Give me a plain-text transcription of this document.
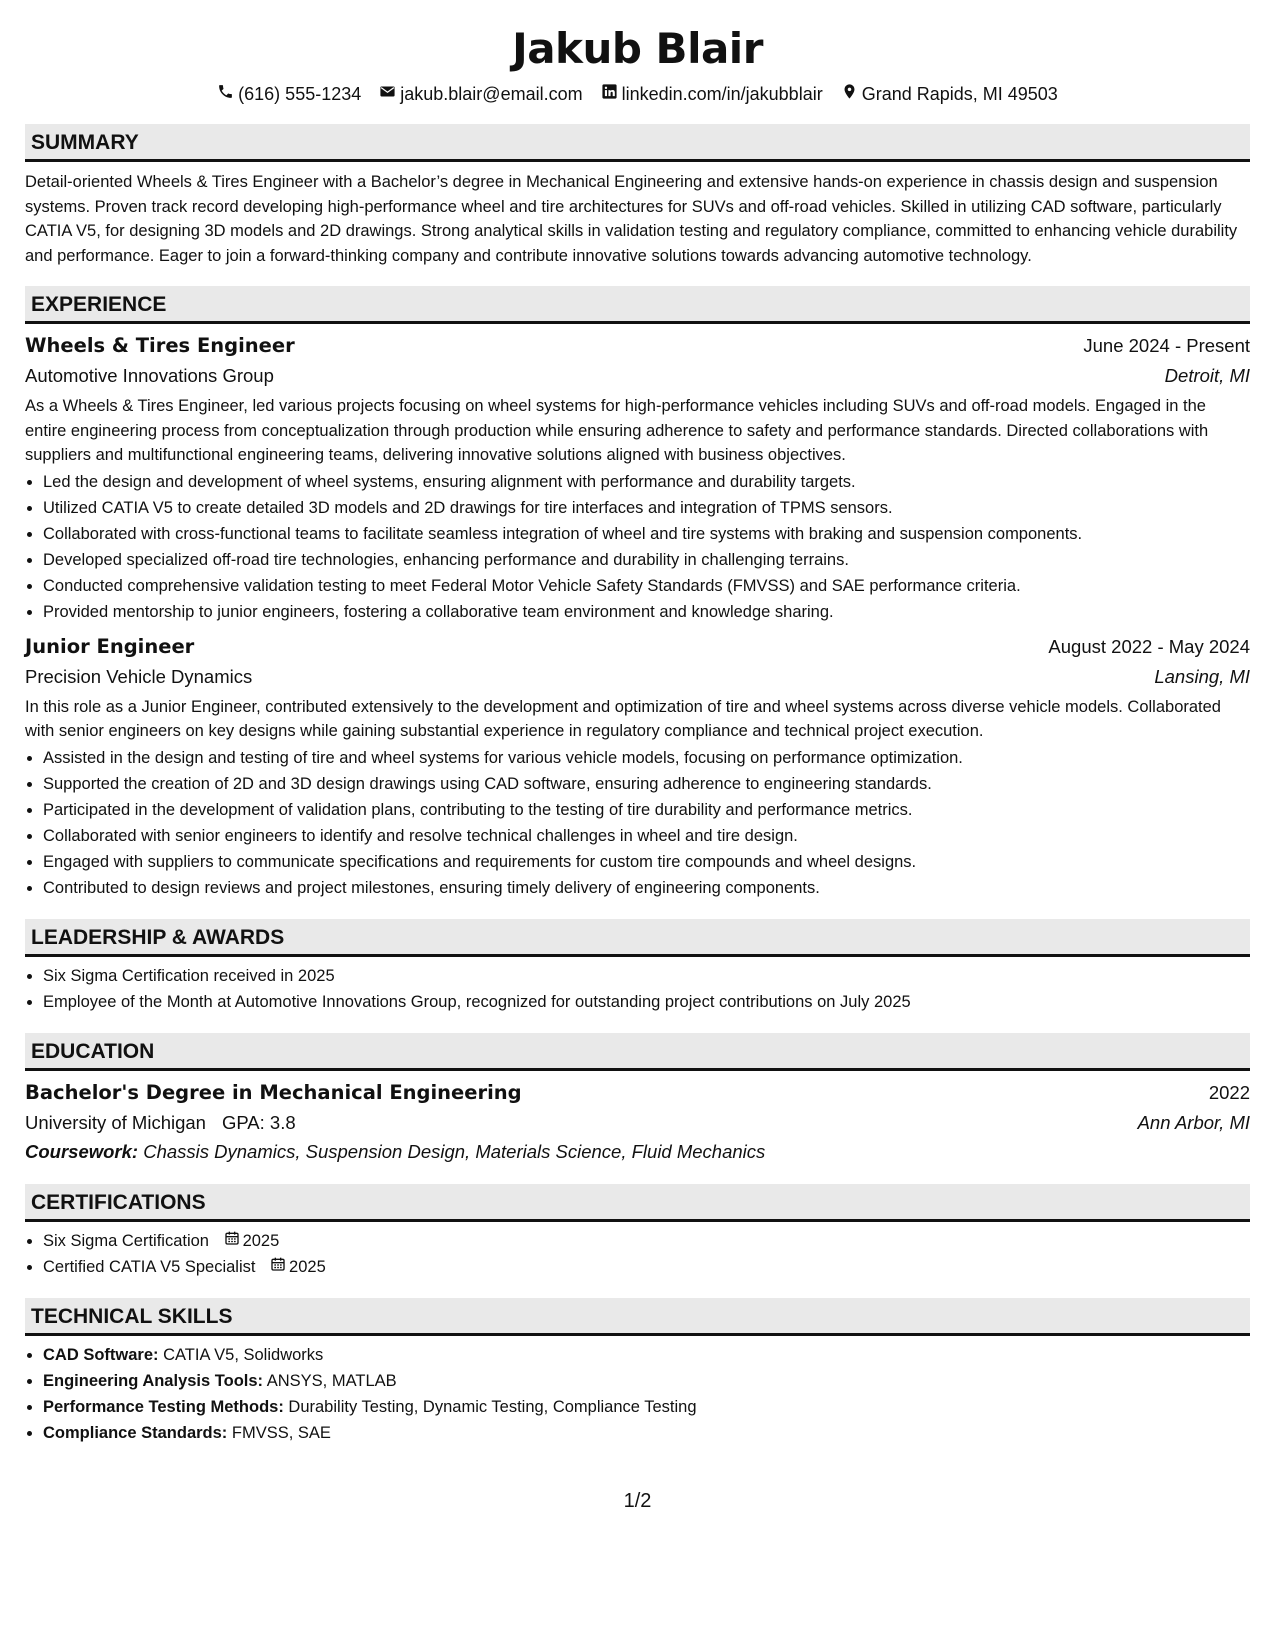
Jakub Blair
(616) 555-1234 jakub.blair@email.com linkedin.com/in/jakubblair Grand Rapids, MI 49503
SUMMARY
Detail-oriented Wheels & Tires Engineer with a Bachelor’s degree in Mechanical Engineering and extensive hands-on experience in chassis design and suspension systems. Proven track record developing high-performance wheel and tire architectures for SUVs and off-road vehicles. Skilled in utilizing CAD software, particularly CATIA V5, for designing 3D models and 2D drawings. Strong analytical skills in validation testing and regulatory compliance, committed to enhancing vehicle durability and performance. Eager to join a forward-thinking company and contribute innovative solutions towards advancing automotive technology.
EXPERIENCE
Wheels & Tires Engineer	June 2024 - Present
Automotive Innovations Group	Detroit, MI
As a Wheels & Tires Engineer, led various projects focusing on wheel systems for high-performance vehicles including SUVs and off-road models. Engaged in the entire engineering process from conceptualization through production while ensuring adherence to safety and performance standards. Directed collaborations with suppliers and multifunctional engineering teams, delivering innovative solutions aligned with business objectives.
• Led the design and development of wheel systems, ensuring alignment with performance and durability targets.
• Utilized CATIA V5 to create detailed 3D models and 2D drawings for tire interfaces and integration of TPMS sensors.
• Collaborated with cross-functional teams to facilitate seamless integration of wheel and tire systems with braking and suspension components.
• Developed specialized off-road tire technologies, enhancing performance and durability in challenging terrains.
• Conducted comprehensive validation testing to meet Federal Motor Vehicle Safety Standards (FMVSS) and SAE performance criteria.
• Provided mentorship to junior engineers, fostering a collaborative team environment and knowledge sharing.
Junior Engineer	August 2022 - May 2024
Precision Vehicle Dynamics	Lansing, MI
In this role as a Junior Engineer, contributed extensively to the development and optimization of tire and wheel systems across diverse vehicle models. Collaborated with senior engineers on key designs while gaining substantial experience in regulatory compliance and technical project execution.
• Assisted in the design and testing of tire and wheel systems for various vehicle models, focusing on performance optimization.
• Supported the creation of 2D and 3D design drawings using CAD software, ensuring adherence to engineering standards.
• Participated in the development of validation plans, contributing to the testing of tire durability and performance metrics.
• Collaborated with senior engineers to identify and resolve technical challenges in wheel and tire design.
• Engaged with suppliers to communicate specifications and requirements for custom tire compounds and wheel designs.
• Contributed to design reviews and project milestones, ensuring timely delivery of engineering components.
LEADERSHIP & AWARDS
• Six Sigma Certification received in 2025
• Employee of the Month at Automotive Innovations Group, recognized for outstanding project contributions on July 2025
EDUCATION
Bachelor's Degree in Mechanical Engineering	2022
University of Michigan GPA: 3.8	Ann Arbor, MI
Coursework: Chassis Dynamics, Suspension Design, Materials Science, Fluid Mechanics
CERTIFICATIONS
• Six Sigma Certification 2025
• Certified CATIA V5 Specialist 2025
TECHNICAL SKILLS
• CAD Software: CATIA V5, Solidworks
• Engineering Analysis Tools: ANSYS, MATLAB
• Performance Testing Methods: Durability Testing, Dynamic Testing, Compliance Testing
• Compliance Standards: FMVSS, SAE
1/2
